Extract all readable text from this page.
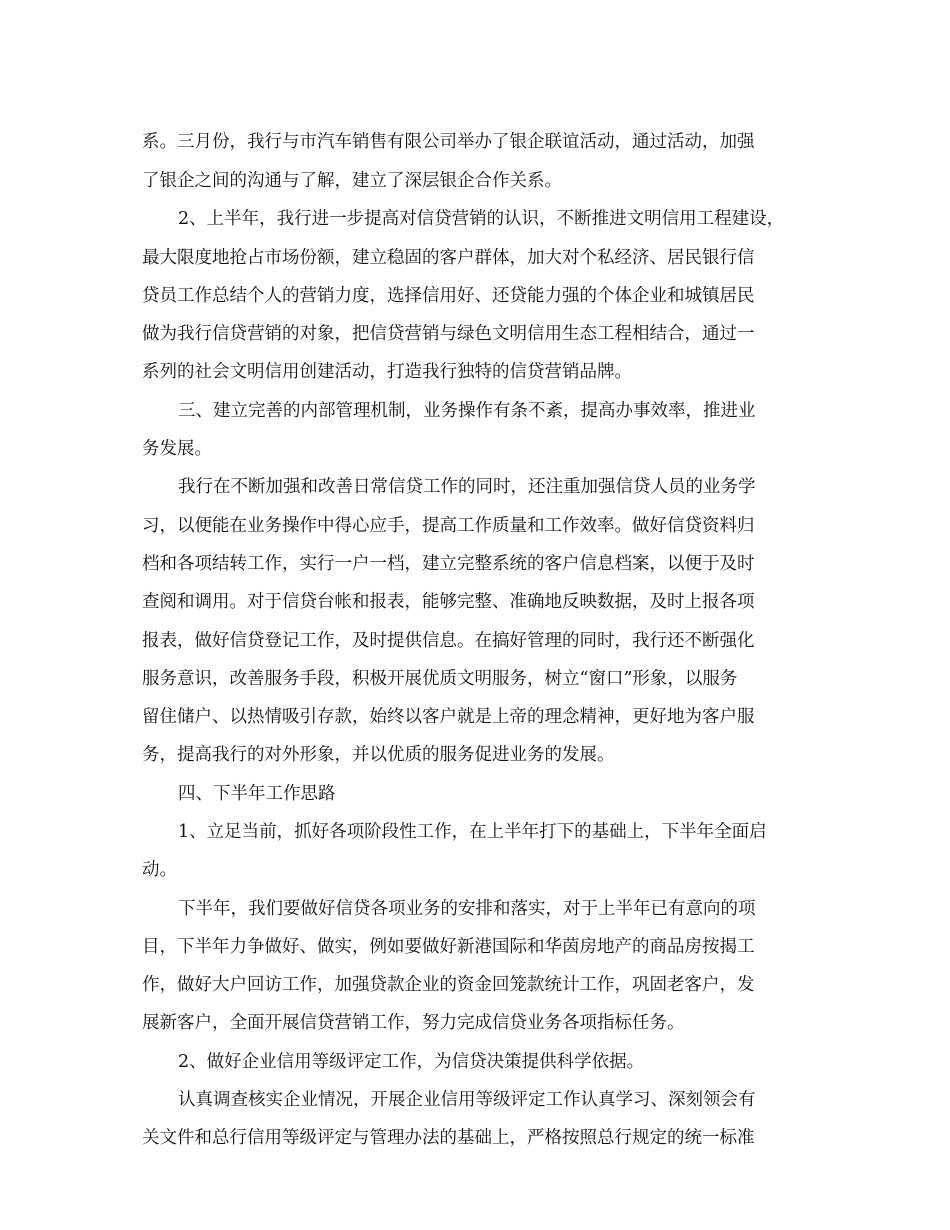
系。三月份，我行与市汽车销售有限公司举办了银企联谊活动，通过活动，加强
了银企之间的沟通与了解，建立了深层银企合作关系。
2、上半年，我行进一步提高对信贷营销的认识，不断推进文明信用工程建设，
最大限度地抢占市场份额，建立稳固的客户群体，加大对个私经济、居民银行信
贷员工作总结个人的营销力度，选择信用好、还贷能力强的个体企业和城镇居民
做为我行信贷营销的对象，把信贷营销与绿色文明信用生态工程相结合，通过一
系列的社会文明信用创建活动，打造我行独特的信贷营销品牌。
三、建立完善的内部管理机制，业务操作有条不紊，提高办事效率，推进业
务发展。
我行在不断加强和改善日常信贷工作的同时，还注重加强信贷人员的业务学
习，以便能在业务操作中得心应手，提高工作质量和工作效率。做好信贷资料归
档和各项结转工作，实行一户一档，建立完整系统的客户信息档案，以便于及时
查阅和调用。对于信贷台帐和报表，能够完整、准确地反映数据，及时上报各项
报表，做好信贷登记工作，及时提供信息。在搞好管理的同时，我行还不断强化
服务意识，改善服务手段，积极开展优质文明服务，树立“窗口”形象，以服务
留住储户、以热情吸引存款，始终以客户就是上帝的理念精神，更好地为客户服
务，提高我行的对外形象，并以优质的服务促进业务的发展。
四、下半年工作思路
1、立足当前，抓好各项阶段性工作，在上半年打下的基础上，下半年全面启
动。
下半年，我们要做好信贷各项业务的安排和落实，对于上半年已有意向的项
目，下半年力争做好、做实，例如要做好新港国际和华茵房地产的商品房按揭工
作，做好大户回访工作，加强贷款企业的资金回笼款统计工作，巩固老客户，发
展新客户，全面开展信贷营销工作，努力完成信贷业务各项指标任务。
2、做好企业信用等级评定工作，为信贷决策提供科学依据。
认真调查核实企业情况，开展企业信用等级评定工作认真学习、深刻领会有
关文件和总行信用等级评定与管理办法的基础上，严格按照总行规定的统一标准
